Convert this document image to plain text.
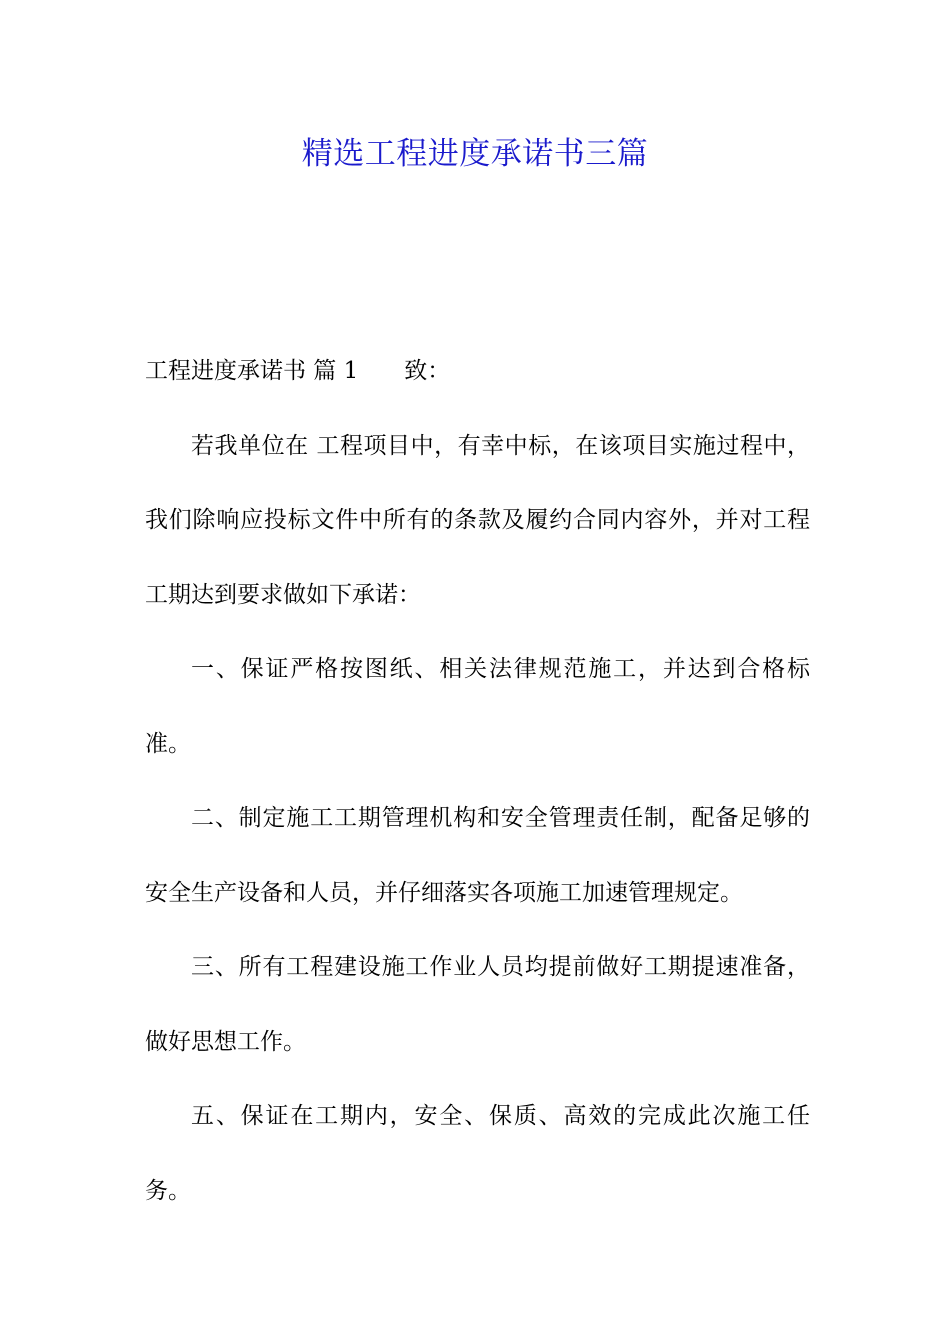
精选工程进度承诺书三篇

工程进度承诺书 篇 1 致：

若我单位在 工程项目中，有幸中标，在该项目实施过程中，我们除响应投标文件中所有的条款及履约合同内容外，并对工程工期达到要求做如下承诺：

一、保证严格按图纸、相关法律规范施工，并达到合格标准。

二、制定施工工期管理机构和安全管理责任制，配备足够的安全生产设备和人员，并仔细落实各项施工加速管理规定。

三、所有工程建设施工作业人员均提前做好工期提速准备，做好思想工作。

五、保证在工期内，安全、保质、高效的完成此次施工任务。
